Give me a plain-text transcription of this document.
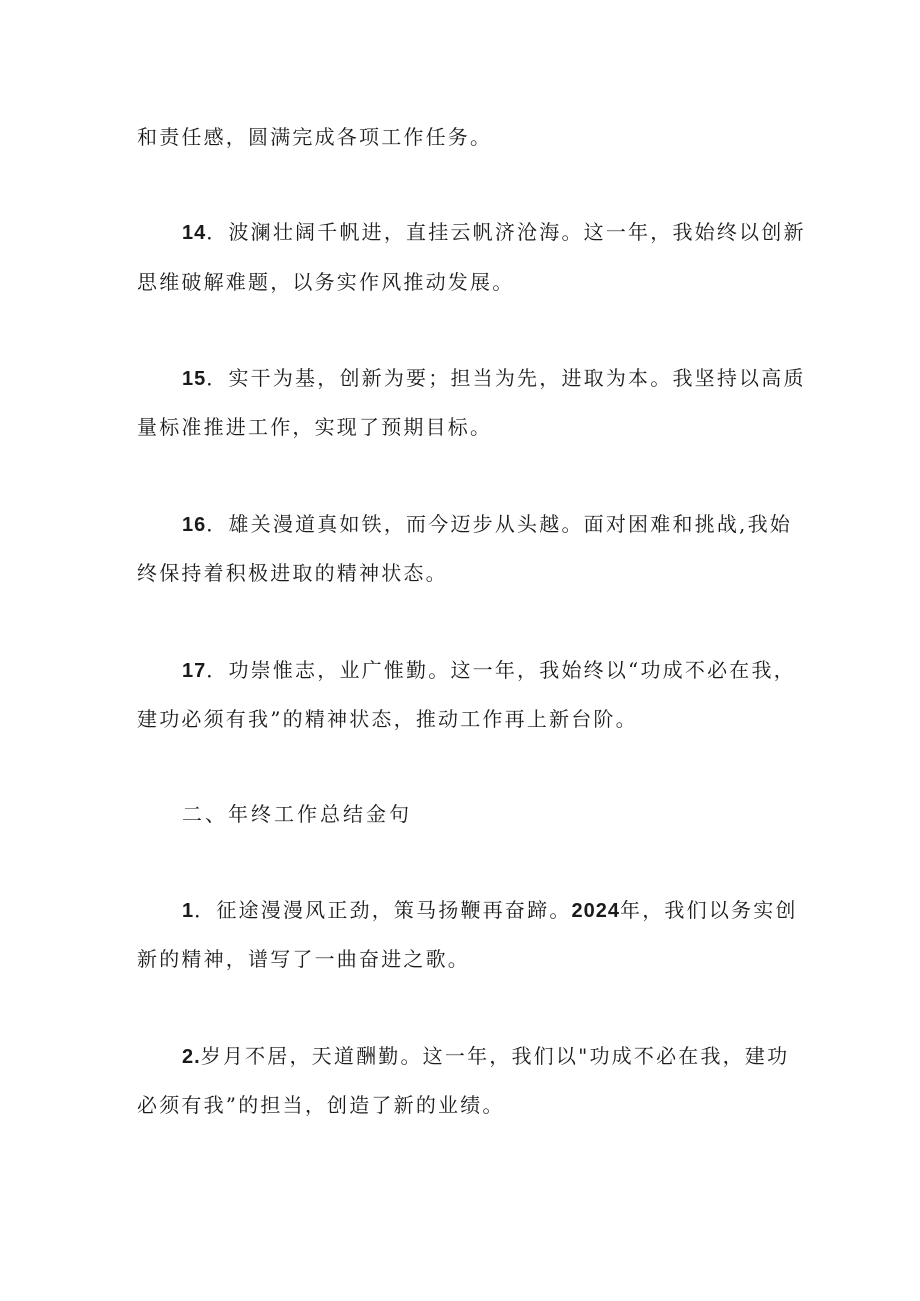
和责任感，圆满完成各项工作任务。
14．波澜壮阔千帆进，直挂云帆济沧海。这一年，我始终以创新
思维破解难题，以务实作风推动发展。
15．实干为基，创新为要；担当为先，进取为本。我坚持以高质
量标准推进工作，实现了预期目标。
16．雄关漫道真如铁，而今迈步从头越。面对困难和挑战,我始
终保持着积极进取的精神状态。
17．功崇惟志，业广惟勤。这一年，我始终以“功成不必在我，
建功必须有我”的精神状态，推动工作再上新台阶。
二、年终工作总结金句
1．征途漫漫风正劲，策马扬鞭再奋蹄。2024年，我们以务实创
新的精神，谱写了一曲奋进之歌。
2.岁月不居，天道酬勤。这一年，我们以"功成不必在我，建功
必须有我”的担当，创造了新的业绩。
